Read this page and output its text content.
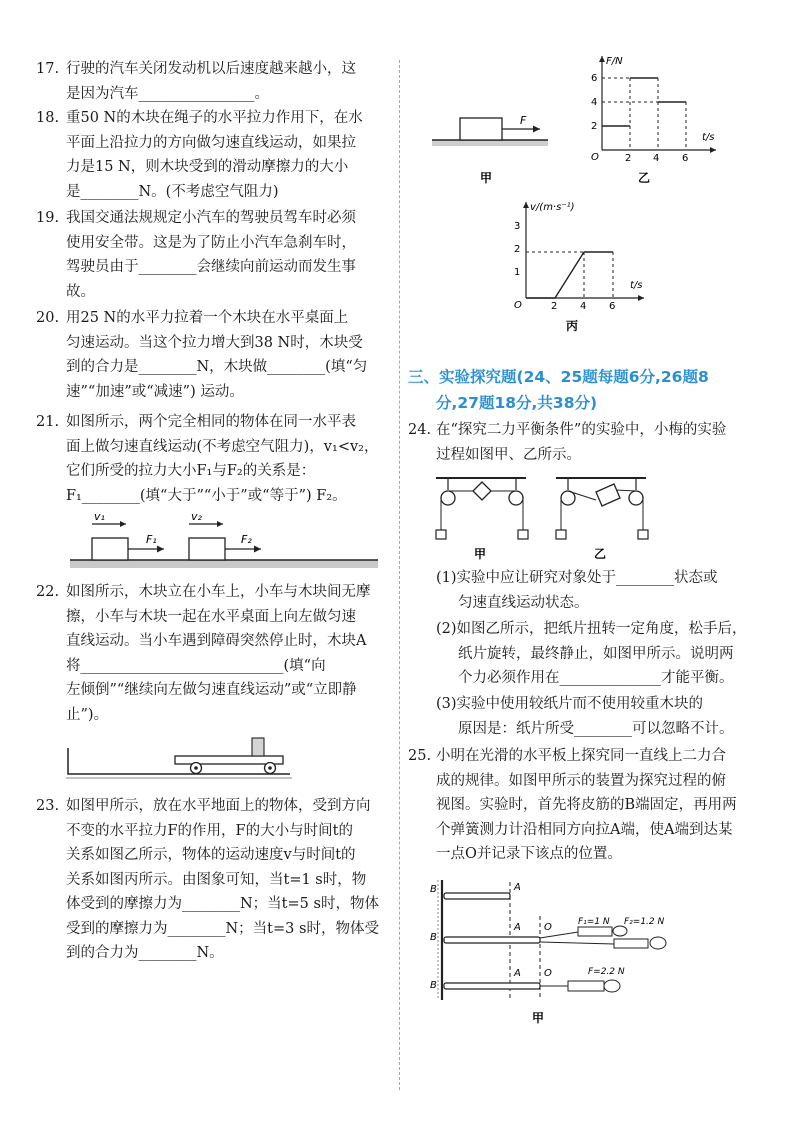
17. 行驶的汽车关闭发动机以后速度越来越小，这
是因为汽车________________。
18. 重50 N的木块在绳子的水平拉力作用下，在水
平面上沿拉力的方向做匀速直线运动，如果拉
力是15 N，则木块受到的滑动摩擦力的大小
是________N。(不考虑空气阻力)
19. 我国交通法规规定小汽车的驾驶员驾车时必须
使用安全带。这是为了防止小汽车急刹车时，
驾驶员由于________会继续向前运动而发生事
故。
20. 用25 N的水平力拉着一个木块在水平桌面上
匀速运动。当这个拉力增大到38 N时，木块受
到的合力是________N，木块做________(填“匀
速”“加速”或“减速”) 运动。
21. 如图所示，两个完全相同的物体在同一水平表
面上做匀速直线运动(不考虑空气阻力)，v₁<v₂，
它们所受的拉力大小F₁与F₂的关系是：
F₁________(填“大于”“小于”或“等于”) F₂。
v₁
F₁
v₂
F₂
22. 如图所示，木块立在小车上，小车与木块间无摩
擦，小车与木块一起在水平桌面上向左做匀速
直线运动。当小车遇到障碍突然停止时，木块A
将____________________________(填“向
左倾倒”“继续向左做匀速直线运动”或“立即静
止”)。
23. 如图甲所示，放在水平地面上的物体，受到方向
不变的水平拉力F的作用，F的大小与时间t的
关系如图乙所示，物体的运动速度v与时间t的
关系如图丙所示。由图象可知，当t=1 s时，物
体受到的摩擦力为________N；当t=5 s时，物体
受到的摩擦力为________N；当t=3 s时，物体受
到的合力为________N。
F
甲
F/N
t/s
O
6
4
2
2 4 6
乙
v/(m·s⁻¹)
t/s
O
3
2
1
2 4 6
丙
三、实验探究题(24、25题每题6分,26题8
分,27题18分,共38分)
24. 在“探究二力平衡条件”的实验中，小梅的实验
过程如图甲、乙所示。
甲	乙
(1)实验中应让研究对象处于________状态或
匀速直线运动状态。
(2)如图乙所示，把纸片扭转一定角度，松手后，
纸片旋转，最终静止，如图甲所示。说明两
个力必须作用在______________才能平衡。
(3)实验中使用较纸片而不使用较重木块的
原因是：纸片所受________可以忽略不计。
25. 小明在光滑的水平板上探究同一直线上二力合
成的规律。如图甲所示的装置为探究过程的俯
视图。实验时，首先将皮筋的B端固定，再用两
个弹簧测力计沿相同方向拉A端，使A端到达某
一点O并记录下该点的位置。
B	A
B
A O	F₁=1 N F₂=1.2 N
B
A O	F=2.2 N
甲
